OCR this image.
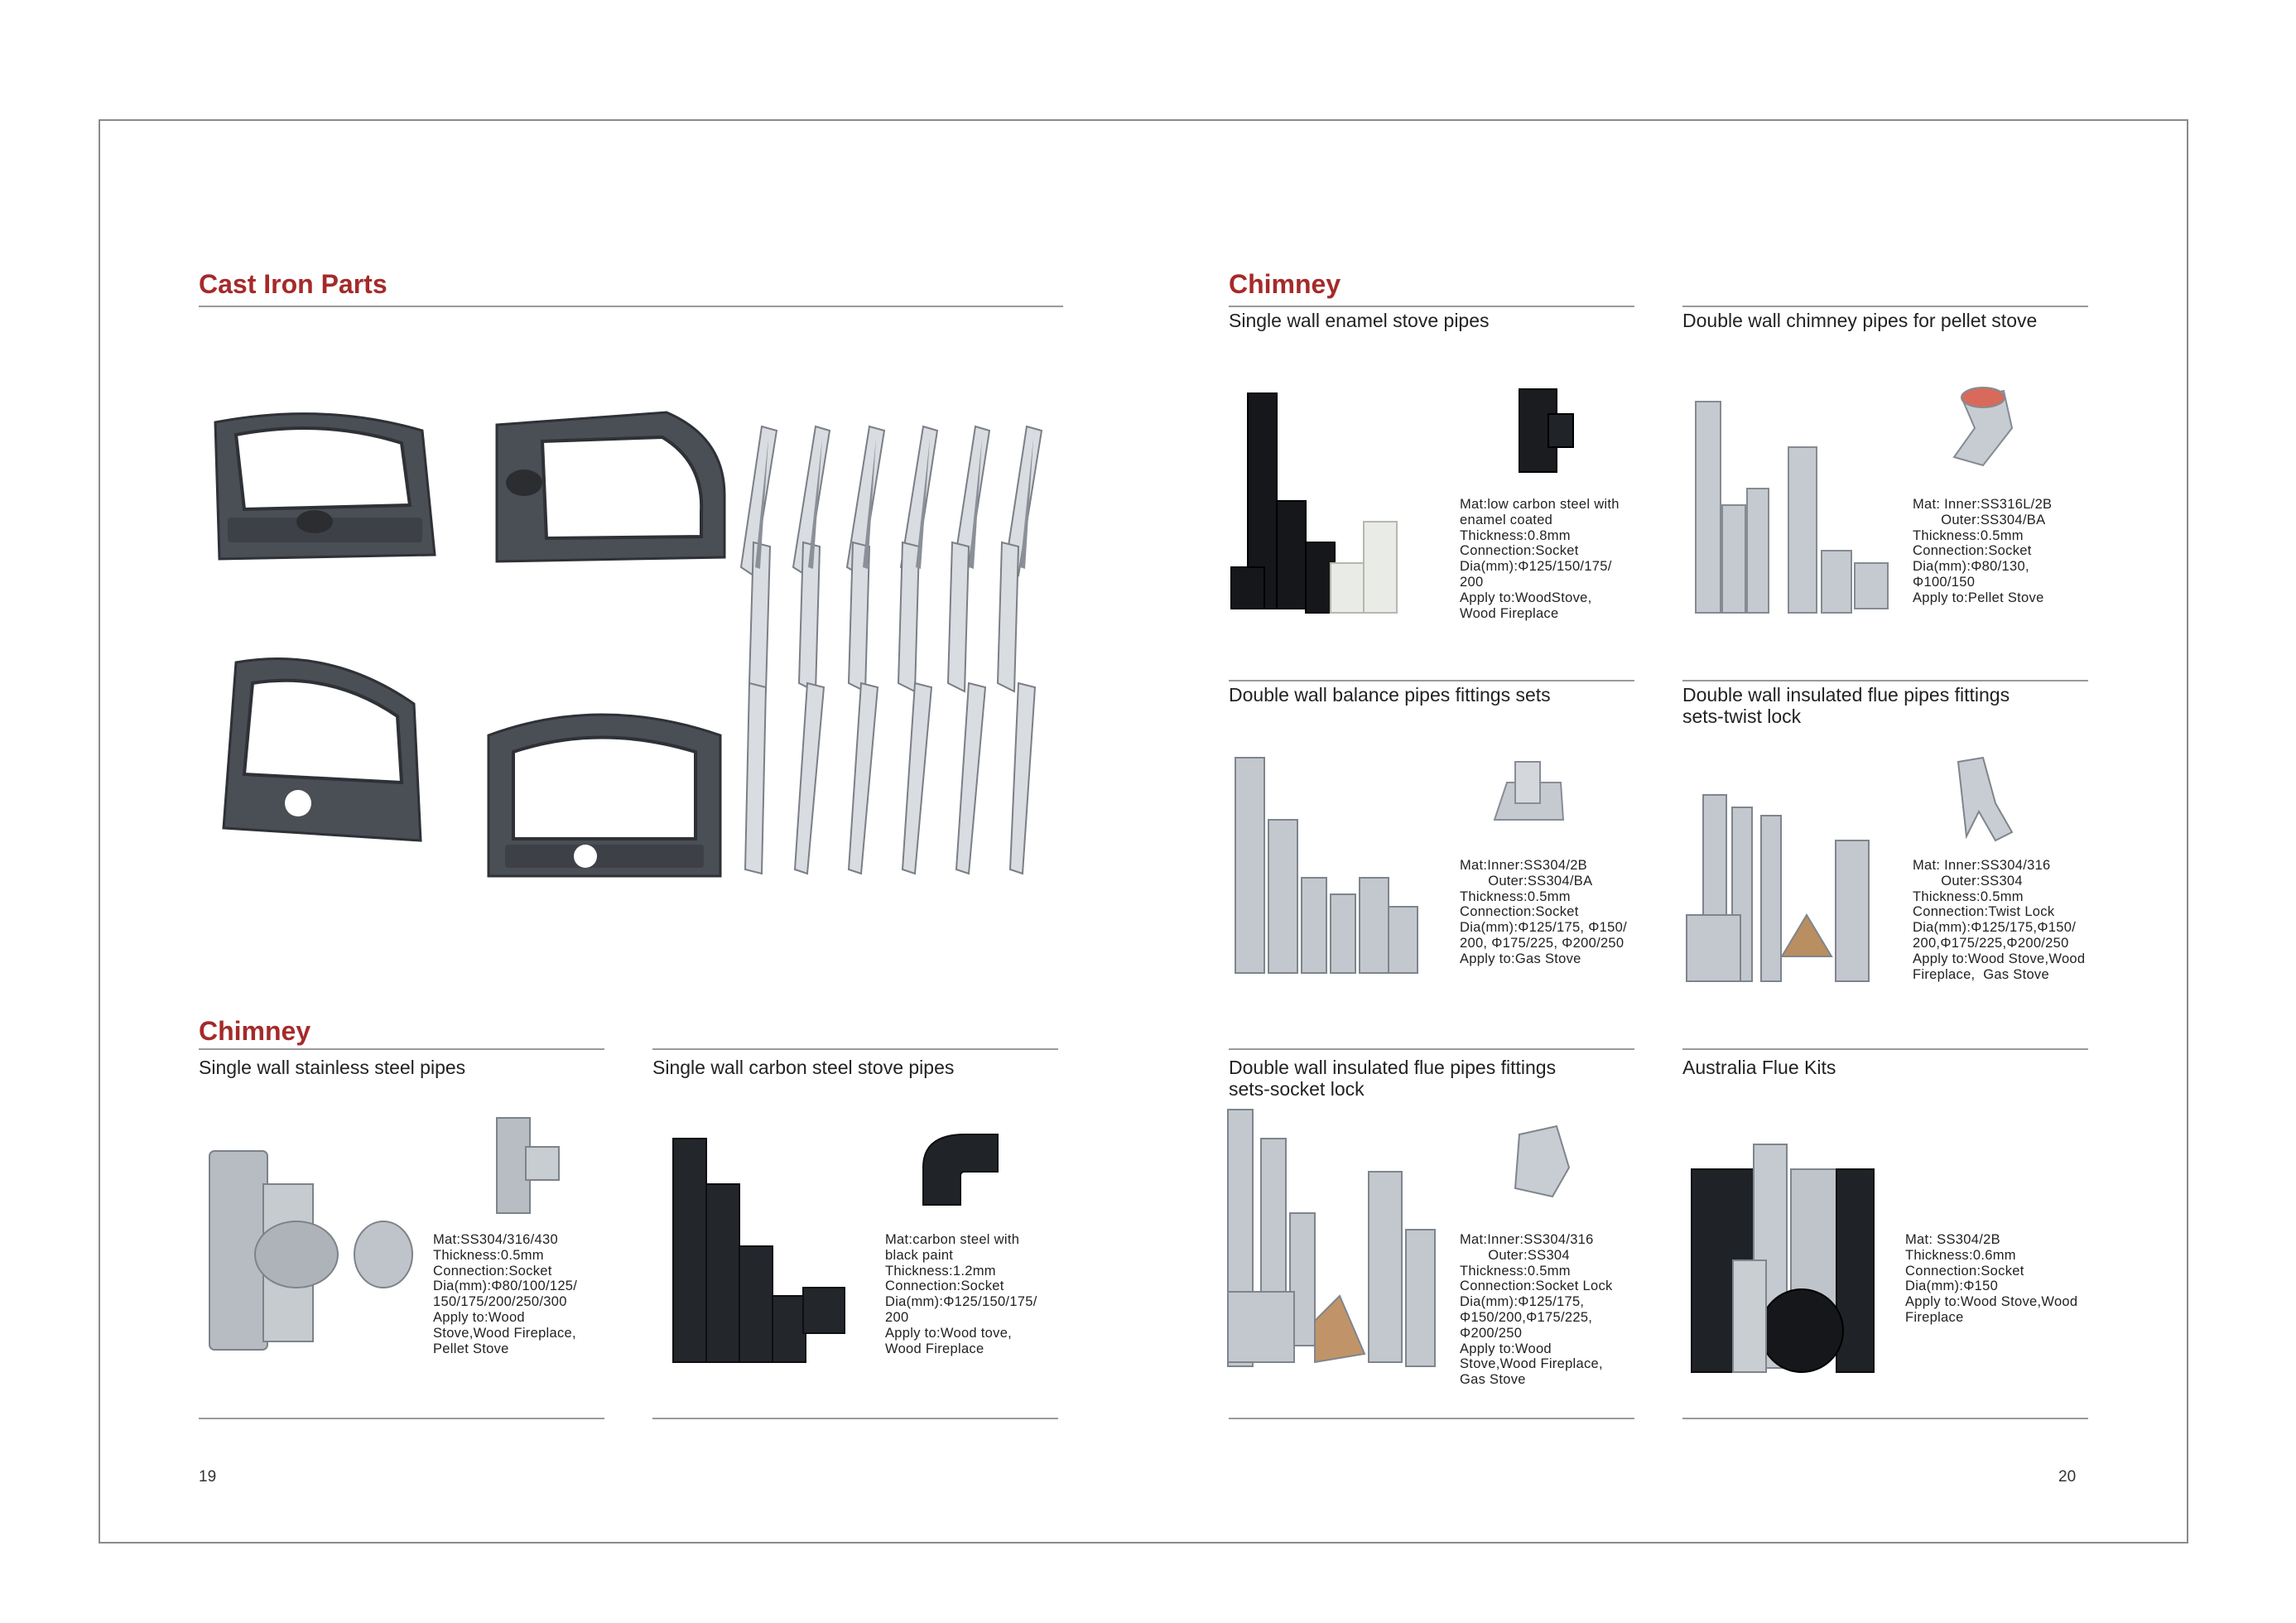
Cast Iron Parts
Chimney
Single wall stainless steel pipes
Mat:SS304/316/430
Thickness:0.5mm
Connection:Socket
Dia(mm):Φ80/100/125/
150/175/200/250/300
Apply to:Wood
Stove,Wood Fireplace,
Pellet Stove
Single wall carbon steel stove pipes
Mat:carbon steel with
black paint
Thickness:1.2mm
Connection:Socket
Dia(mm):Φ125/150/175/
200
Apply to:Wood tove,
Wood Fireplace
19
Chimney
Single wall enamel stove pipes
Mat:low carbon steel with
enamel coated
Thickness:0.8mm
Connection:Socket
Dia(mm):Φ125/150/175/
200
Apply to:WoodStove,
Wood Fireplace
Double wall chimney pipes for pellet stove
Mat: Inner:SS316L/2B
Outer:SS304/BA
Thickness:0.5mm
Connection:Socket
Dia(mm):Φ80/130,
Φ100/150
Apply to:Pellet Stove
Double wall balance pipes fittings sets
Mat:Inner:SS304/2B
Outer:SS304/BA
Thickness:0.5mm
Connection:Socket
Dia(mm):Φ125/175, Φ150/
200, Φ175/225, Φ200/250
Apply to:Gas Stove
Double wall insulated flue pipes fittings
sets-twist lock
Mat: Inner:SS304/316
Outer:SS304
Thickness:0.5mm
Connection:Twist Lock
Dia(mm):Φ125/175,Φ150/
200,Φ175/225,Φ200/250
Apply to:Wood Stove,Wood
Fireplace,  Gas Stove
Double wall insulated flue pipes fittings
sets-socket lock
Mat:Inner:SS304/316
Outer:SS304
Thickness:0.5mm
Connection:Socket Lock
Dia(mm):Φ125/175,
Φ150/200,Φ175/225,
Φ200/250
Apply to:Wood
Stove,Wood Fireplace,
Gas Stove
Australia Flue Kits
Mat: SS304/2B
Thickness:0.6mm
Connection:Socket
Dia(mm):Φ150
Apply to:Wood Stove,Wood
Fireplace
20
